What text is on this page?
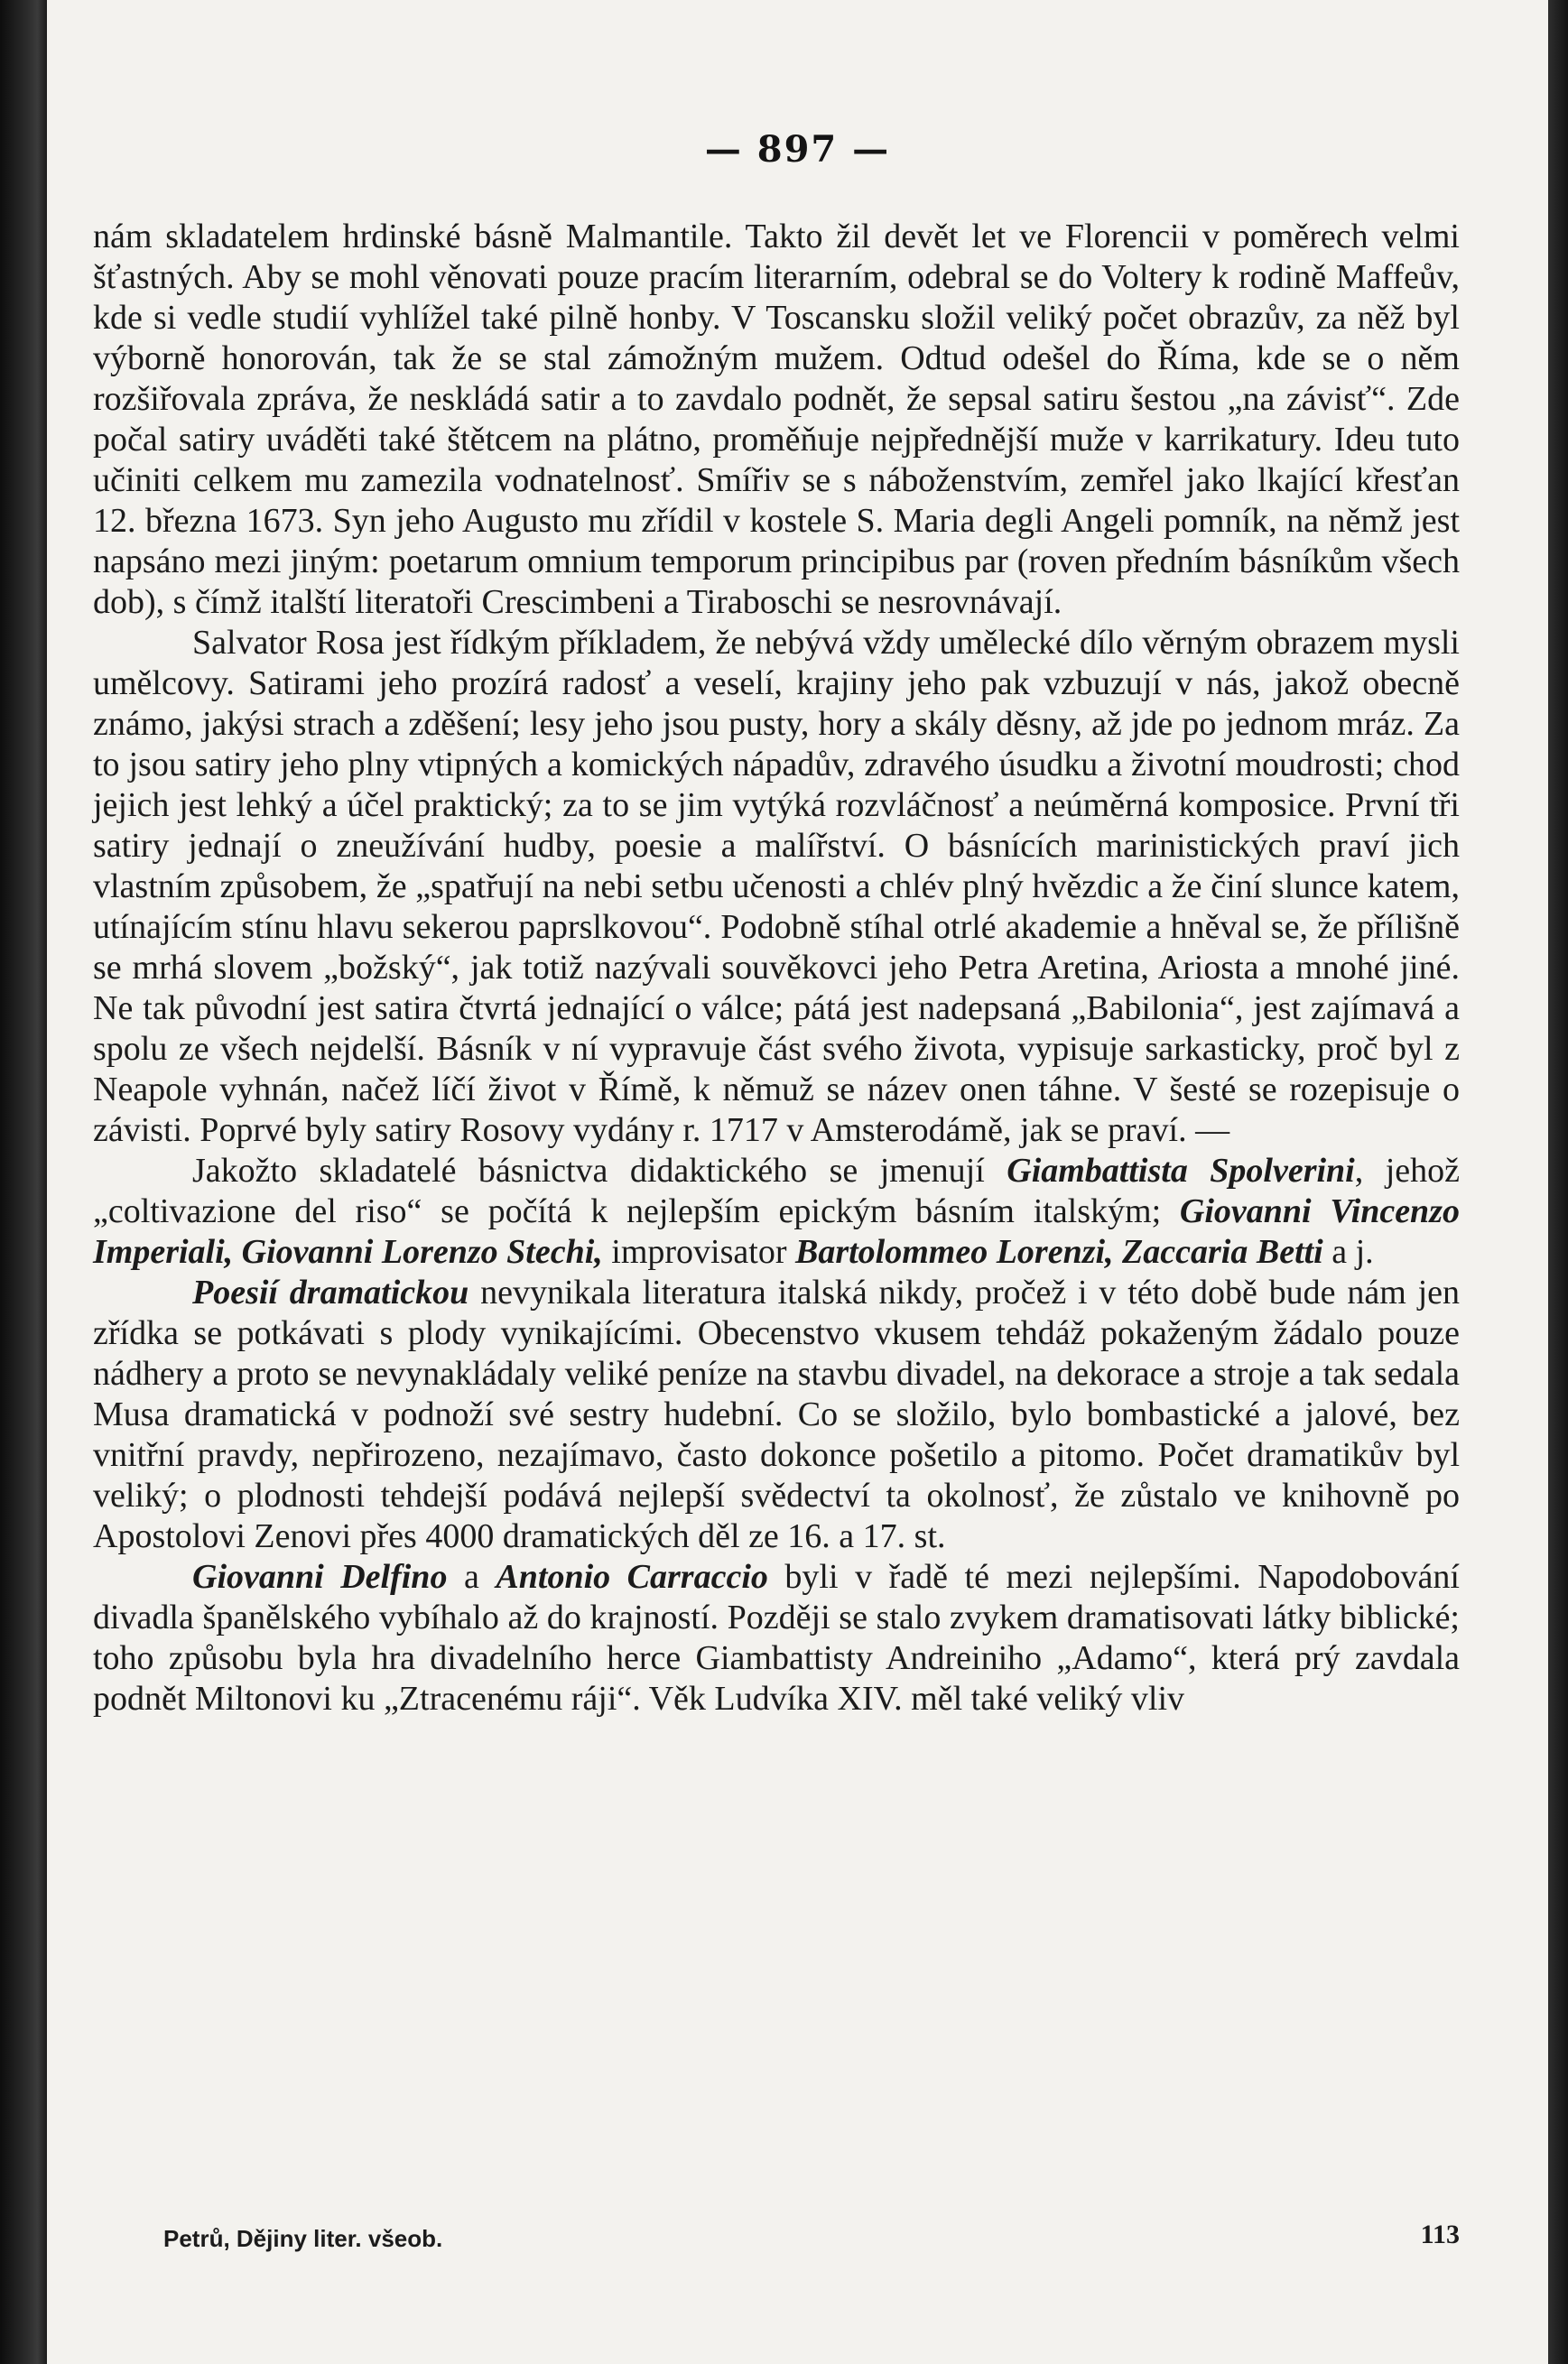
— 897 —

nám skladatelem hrdinské básně Malmantile. Takto žil devět let ve Florencii v poměrech velmi šťastných. Aby se mohl věnovati pouze pracím literarním, odebral se do Voltery k rodině Maffeův, kde si vedle studií vyhlížel také pilně honby. V Toscansku složil veliký počet obrazův, za něž byl výborně honorován, tak že se stal zámožným mužem. Odtud odešel do Říma, kde se o něm rozšiřovala zpráva, že neskládá satir a to zavdalo podnět, že sepsal satiru šestou „na závisť“. Zde počal satiry uváděti také štětcem na plátno, proměňuje nejpřednější muže v karrikatury. Ideu tuto učiniti celkem mu zamezila vodnatelnosť. Smířiv se s náboženstvím, zemřel jako lkající křesťan 12. března 1673. Syn jeho Augusto mu zřídil v kostele S. Maria degli Angeli pomník, na němž jest napsáno mezi jiným: poetarum omnium temporum principibus par (roven předním básníkům všech dob), s čímž italští literatoři Crescimbeni a Tiraboschi se nesrovnávají.

Salvator Rosa jest řídkým příkladem, že nebývá vždy umělecké dílo věrným obrazem mysli umělcovy. Satirami jeho prozírá radosť a veselí, krajiny jeho pak vzbuzují v nás, jakož obecně známo, jakýsi strach a zděšení; lesy jeho jsou pusty, hory a skály děsny, až jde po jednom mráz. Za to jsou satiry jeho plny vtipných a komických nápadův, zdravého úsudku a životní moudrosti; chod jejich jest lehký a účel praktický; za to se jim vytýká rozvláčnosť a neúměrná komposice. První tři satiry jednají o zneužívání hudby, poesie a malířství. O básnících marinistických praví jich vlastním způsobem, že „spatřují na nebi setbu učenosti a chlév plný hvězdic a že činí slunce katem, utínajícím stínu hlavu sekerou paprslkovou“. Podobně stíhal otrlé akademie a hněval se, že přílišně se mrhá slovem „božský“, jak totiž nazývali souvěkovci jeho Petra Aretina, Ariosta a mnohé jiné. Ne tak původní jest satira čtvrtá jednající o válce; pátá jest nadepsaná „Babilonia“, jest zajímavá a spolu ze všech nejdelší. Básník v ní vypravuje část svého života, vypisuje sarkasticky, proč byl z Neapole vyhnán, načež líčí život v Římě, k němuž se název onen táhne. V šesté se rozepisuje o závisti. Poprvé byly satiry Rosovy vydány r. 1717 v Amsterodámě, jak se praví. —

Jakožto skladatelé básnictva didaktického se jmenují Giambattista Spolverini, jehož „coltivazione del riso“ se počítá k nejlepším epickým básním italským; Giovanni Vincenzo Imperiali, Giovanni Lorenzo Stechi, improvisator Bartolommeo Lorenzi, Zaccaria Betti a j.

Poesií dramatickou nevynikala literatura italská nikdy, pročež i v této době bude nám jen zřídka se potkávati s plody vynikajícími. Obecenstvo vkusem tehdáž pokaženým žádalo pouze nádhery a proto se nevynakládaly veliké peníze na stavbu divadel, na dekorace a stroje a tak sedala Musa dramatická v podnoží své sestry hudební. Co se složilo, bylo bombastické a jalové, bez vnitřní pravdy, nepřirozeno, nezajímavo, často dokonce pošetilo a pitomo. Počet dramatikův byl veliký; o plodnosti tehdejší podává nejlepší svědectví ta okolnosť, že zůstalo ve knihovně po Apostolovi Zenovi přes 4000 dramatických děl ze 16. a 17. st.

Giovanni Delfino a Antonio Carraccio byli v řadě té mezi nejlepšími. Napodobování divadla španělského vybíhalo až do krajností. Později se stalo zvykem dramatisovati látky biblické; toho způsobu byla hra divadelního herce Giambattisty Andreiniho „Adamo“, která prý zavdala podnět Miltonovi ku „Ztracenému ráji“. Věk Ludvíka XIV. měl také veliký vliv

Petrů, Dějiny liter. všeob.	113
